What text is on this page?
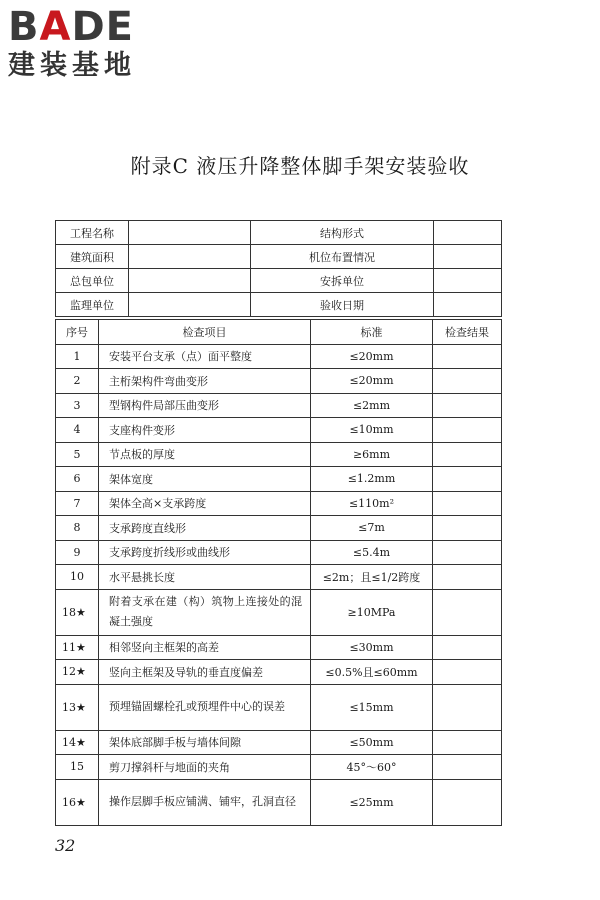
BADE
建装基地
附录C 液压升降整体脚手架安装验收
工程名称		结构形式	
建筑面积		机位布置情况	
总包单位		安拆单位	
监理单位		验收日期	
序号	检查项目	标准	检查结果
1	安装平台支承（点）面平整度	≤20mm	
2	主桁架构件弯曲变形	≤20mm	
3	型钢构件局部压曲变形	≤2mm	
4	支座构件变形	≤10mm	
5	节点板的厚度	≥6mm	
6	架体宽度	≤1.2mm	
7	架体全高×支承跨度	≤110m²	
8	支承跨度直线形	≤7m	
9	支承跨度折线形或曲线形	≤5.4m	
10	水平悬挑长度	≤2m；且≤1/2跨度	
18★	附着支承在建（构）筑物上连接处的混凝土强度	≥10MPa	
11★	相邻竖向主框架的高差	≤30mm	
12★	竖向主框架及导轨的垂直度偏差	≤0.5%且≤60mm	
13★	预埋锚固螺栓孔或预埋件中心的误差	≤15mm	
14★	架体底部脚手板与墙体间隙	≤50mm	
15	剪刀撑斜杆与地面的夹角	45°～60°	
16★	操作层脚手板应铺满、铺牢，孔洞直径	≤25mm	
32
